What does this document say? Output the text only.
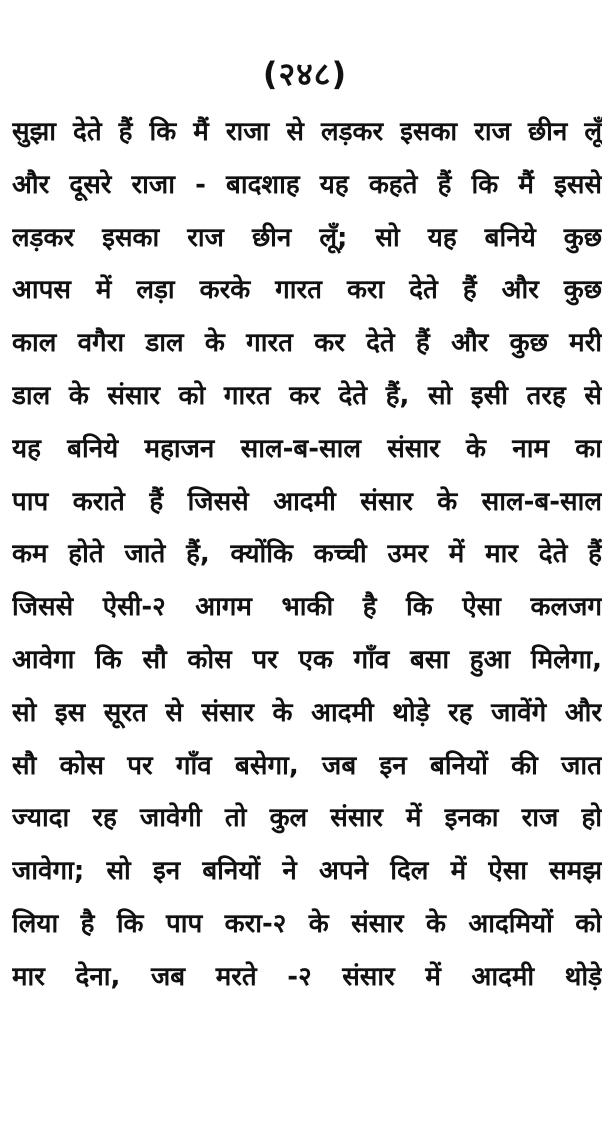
(२४८)
सुझा देते हैं कि मैं राजा से लड़कर इसका राज छीन लूँ
और दूसरे राजा - बादशाह यह कहते हैं कि मैं इससे
लड़कर इसका राज छीन लूँ; सो यह बनिये कुछ
आपस में लड़ा करके गारत करा देते हैं और कुछ
काल वगैरा डाल के गारत कर देते हैं और कुछ मरी
डाल के संसार को गारत कर देते हैं, सो इसी तरह से
यह बनिये महाजन साल-ब-साल संसार के नाम का
पाप कराते हैं जिससे आदमी संसार के साल-ब-साल
कम होते जाते हैं, क्योंकि कच्ची उमर में मार देते हैं
जिससे ऐसी-२ आगम भाकी है कि ऐसा कलजग
आवेगा कि सौ कोस पर एक गाँव बसा हुआ मिलेगा,
सो इस सूरत से संसार के आदमी थोड़े रह जावेंगे और
सौ कोस पर गाँव बसेगा, जब इन बनियों की जात
ज्यादा रह जावेगी तो कुल संसार में इनका राज हो
जावेगा; सो इन बनियों ने अपने दिल में ऐसा समझ
लिया है कि पाप करा-२ के संसार के आदमियों को
मार देना, जब मरते -२ संसार में आदमी थोड़े
